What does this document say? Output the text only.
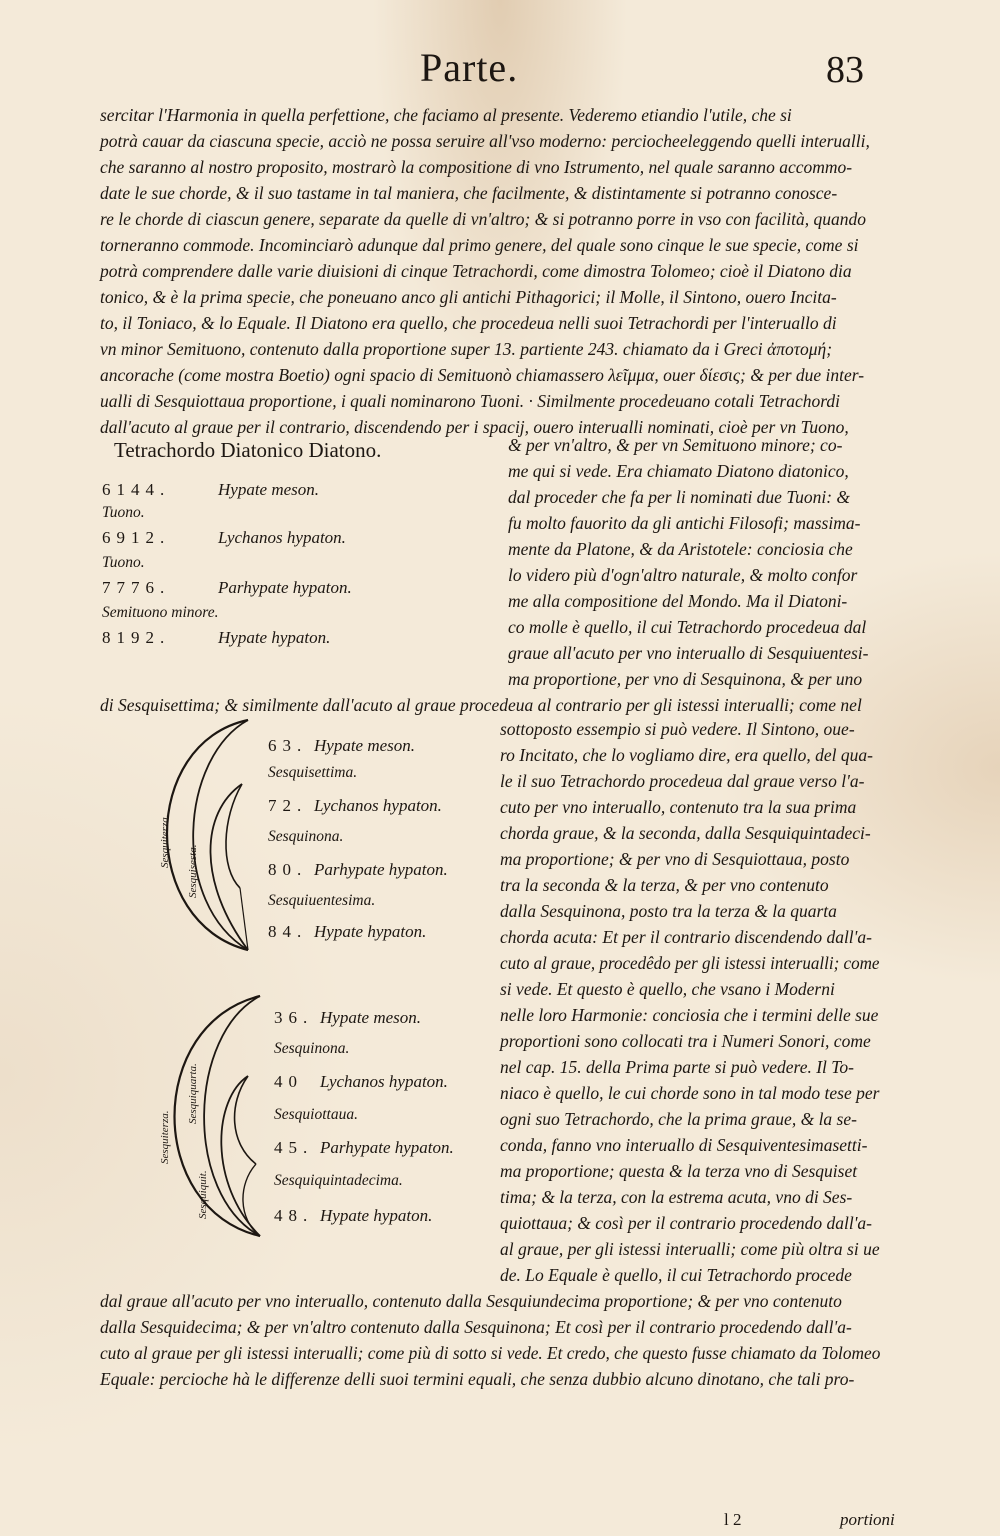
Parte.	83
sercitar l'Harmonia in quella perfettione, che faciamo al presente. Vederemo etiandio l'utile, che si
potrà cauar da ciascuna specie, acciò ne possa seruire all'vso moderno: perciocheeleggendo quelli interualli,
che saranno al nostro proposito, mostrarò la compositione di vno Istrumento, nel quale saranno accommo-
date le sue chorde, & il suo tastame in tal maniera, che facilmente, & distintamente si potranno conosce-
re le chorde di ciascun genere, separate da quelle di vn'altro; & si potranno porre in vso con facilità, quando
torneranno commode. Incominciarò adunque dal primo genere, del quale sono cinque le sue specie, come si
potrà comprendere dalle varie diuisioni di cinque Tetrachordi, come dimostra Tolomeo; cioè il Diatono dia
tonico, & è la prima specie, che poneuano anco gli antichi Pithagorici; il Molle, il Sintono, ouero Incita-
to, il Toniaco, & lo Equale. Il Diatono era quello, che procedeua nelli suoi Tetrachordi per l'interuallo di
vn minor Semituono, contenuto dalla proportione super 13. partiente 243. chiamato da i Greci ἀποτομή;
ancorache (come mostra Boetio) ogni spacio di Semituonò chiamassero λεῖμμα, ouer δίεσις; & per due inter-
ualli di Sesquiottaua proportione, i quali nominarono Tuoni. · Similmente procedeuano cotali Tetrachordi
dall'acuto al graue per il contrario, discendendo per i spacij, ouero interualli nominati, cioè per vn Tuono,
Tetrachordo Diatonico Diatono.
6144.	Hypate meson.
Tuono.
6912.	Lychanos hypaton.
Tuono.
7776.	Parhypate hypaton.
Semituono minore.
8192.	Hypate hypaton.
& per vn'altro, & per vn Semituono minore; co-
me qui si vede. Era chiamato Diatono diatonico,
dal proceder che fa per li nominati due Tuoni: &
fu molto fauorito da gli antichi Filosofi; massima-
mente da Platone, & da Aristotele: conciosia che
lo videro più d'ogn'altro naturale, & molto confor
me alla compositione del Mondo. Ma il Diatoni-
co molle è quello, il cui Tetrachordo procedeua dal
graue all'acuto per vno interuallo di Sesquiuentesi-
ma proportione, per vno di Sesquinona, & per uno
di Sesquisettima; & similmente dall'acuto al graue procedeua al contrario per gli istessi interualli; come nel
Sesquiterza.
Sesquisesta.
63. Hypate meson.
Sesquisettima.
72. Lychanos hypaton.
Sesquinona.
80. Parhypate hypaton.
Sesquiuentesima.
84. Hypate hypaton.
sottoposto essempio si può vedere. Il Sintono, oue-
ro Incitato, che lo vogliamo dire, era quello, del qua-
le il suo Tetrachordo procedeua dal graue verso l'a-
cuto per vno interuallo, contenuto tra la sua prima
chorda graue, & la seconda, dalla Sesquiquintadeci-
ma proportione; & per vno di Sesquiottaua, posto
tra la seconda & la terza, & per vno contenuto
dalla Sesquinona, posto tra la terza & la quarta
chorda acuta: Et per il contrario discendendo dall'a-
cuto al graue, procedêdo per gli istessi interualli; come
si vede. Et questo è quello, che vsano i Moderni
nelle loro Harmonie: conciosia che i termini delle sue
proportioni sono collocati tra i Numeri Sonori, come
nel cap. 15. della Prima parte si può vedere. Il To-
niaco è quello, le cui chorde sono in tal modo tese per
ogni suo Tetrachordo, che la prima graue, & la se-
conda, fanno vno interuallo di Sesquiventesimasetti-
ma proportione; questa & la terza vno di Sesquiset
tima; & la terza, con la estrema acuta, vno di Ses-
quiottaua; & così per il contrario procedendo dall'a-
al graue, per gli istessi interualli; come più oltra si ue
de. Lo Equale è quello, il cui Tetrachordo procede
Sesquiterza.
Sesquiquarta.
Sesquiquit.
36. Hypate meson.
Sesquinona.
40 Lychanos hypaton.
Sesquiottaua.
45. Parhypate hypaton.
Sesquiquintadecima.
48. Hypate hypaton.
dal graue all'acuto per vno interuallo, contenuto dalla Sesquiundecima proportione; & per vno contenuto
dalla Sesquidecima; & per vn'altro contenuto dalla Sesquinona; Et così per il contrario procedendo dall'a-
cuto al graue per gli istessi interualli; come più di sotto si vede. Et credo, che questo fusse chiamato da Tolomeo
Equale: percioche hà le differenze delli suoi termini equali, che senza dubbio alcuno dinotano, che tali pro-
l 2	portioni
